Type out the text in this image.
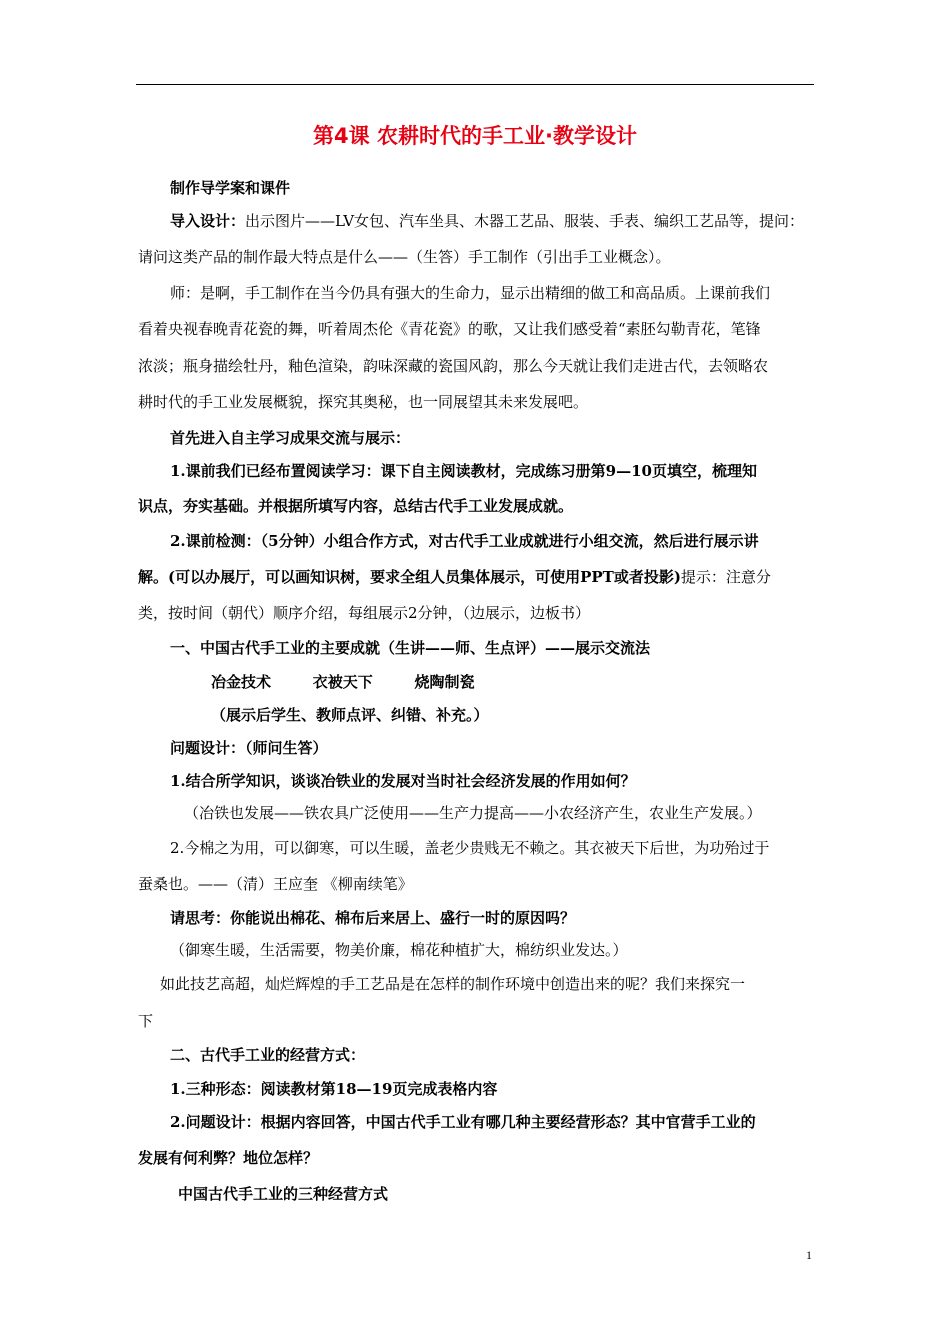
第4课 农耕时代的手工业·教学设计
制作导学案和课件
导入设计：出示图片——LV女包、汽车坐具、木器工艺品、服装、手表、编织工艺品等，提问：
请问这类产品的制作最大特点是什么——（生答）手工制作（引出手工业概念）。
师：是啊，手工制作在当今仍具有强大的生命力，显示出精细的做工和高品质。上课前我们
看着央视春晚青花瓷的舞，听着周杰伦《青花瓷》的歌，又让我们感受着“素胚勾勒青花，笔锋
浓淡；瓶身描绘牡丹，釉色渲染，韵味深藏的瓷国风韵，那么今天就让我们走进古代，去领略农
耕时代的手工业发展概貌，探究其奥秘，也一同展望其未来发展吧。
首先进入自主学习成果交流与展示：
1.课前我们已经布置阅读学习：课下自主阅读教材，完成练习册第9—10页填空，梳理知
识点，夯实基础。并根据所填写内容，总结古代手工业发展成就。
2.课前检测：（5分钟）小组合作方式，对古代手工业成就进行小组交流，然后进行展示讲
解。(可以办展厅，可以画知识树，要求全组人员集体展示，可使用PPT或者投影)提示：注意分
类，按时间（朝代）顺序介绍，每组展示2分钟，（边展示，边板书）
一、中国古代手工业的主要成就（生讲——师、生点评）——展示交流法
冶金技术        衣被天下        烧陶制瓷
（展示后学生、教师点评、纠错、补充。）
问题设计：（师问生答）
1.结合所学知识，谈谈冶铁业的发展对当时社会经济发展的作用如何？
（冶铁也发展——铁农具广泛使用——生产力提高——小农经济产生，农业生产发展。）
2.今棉之为用，可以御寒，可以生暖，盖老少贵贱无不赖之。其衣被天下后世，为功殆过于
蚕桑也。——（清）王应奎 《柳南续笔》
请思考：你能说出棉花、棉布后来居上、盛行一时的原因吗？
（御寒生暖，生活需要，物美价廉，棉花种植扩大，棉纺织业发达。）
如此技艺高超，灿烂辉煌的手工艺品是在怎样的制作环境中创造出来的呢？我们来探究一
下
二、古代手工业的经营方式：
1.三种形态：阅读教材第18—19页完成表格内容
2.问题设计：根据内容回答，中国古代手工业有哪几种主要经营形态？其中官营手工业的
发展有何利弊？地位怎样？
中国古代手工业的三种经营方式
1
